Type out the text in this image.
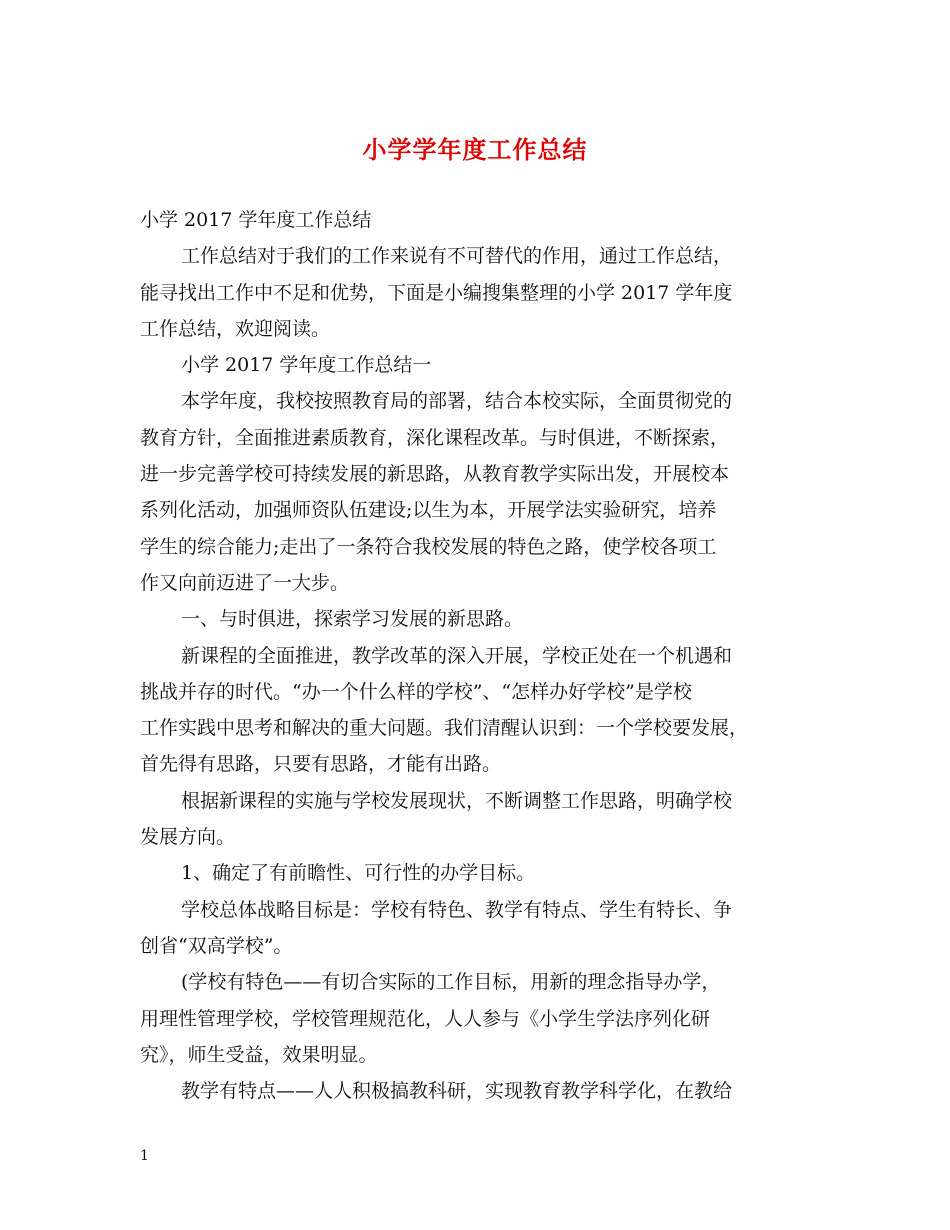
小学学年度工作总结
小学 2017 学年度工作总结
工作总结对于我们的工作来说有不可替代的作用，通过工作总结，
能寻找出工作中不足和优势，下面是小编搜集整理的小学 2017 学年度
工作总结，欢迎阅读。
小学 2017 学年度工作总结一
本学年度，我校按照教育局的部署，结合本校实际，全面贯彻党的
教育方针，全面推进素质教育，深化课程改革。与时俱进，不断探索，
进一步完善学校可持续发展的新思路，从教育教学实际出发，开展校本
系列化活动，加强师资队伍建设;以生为本，开展学法实验研究，培养
学生的综合能力;走出了一条符合我校发展的特色之路，使学校各项工
作又向前迈进了一大步。
一、与时俱进，探索学习发展的新思路。
新课程的全面推进，教学改革的深入开展，学校正处在一个机遇和
挑战并存的时代。“办一个什么样的学校”、“怎样办好学校”是学校
工作实践中思考和解决的重大问题。我们清醒认识到：一个学校要发展，
首先得有思路，只要有思路，才能有出路。
根据新课程的实施与学校发展现状，不断调整工作思路，明确学校
发展方向。
1、确定了有前瞻性、可行性的办学目标。
学校总体战略目标是：学校有特色、教学有特点、学生有特长、争
创省“双高学校”。
(学校有特色——有切合实际的工作目标，用新的理念指导办学，
用理性管理学校，学校管理规范化，人人参与《小学生学法序列化研
究》，师生受益，效果明显。
教学有特点——人人积极搞教科研，实现教育教学科学化，在教给
1
